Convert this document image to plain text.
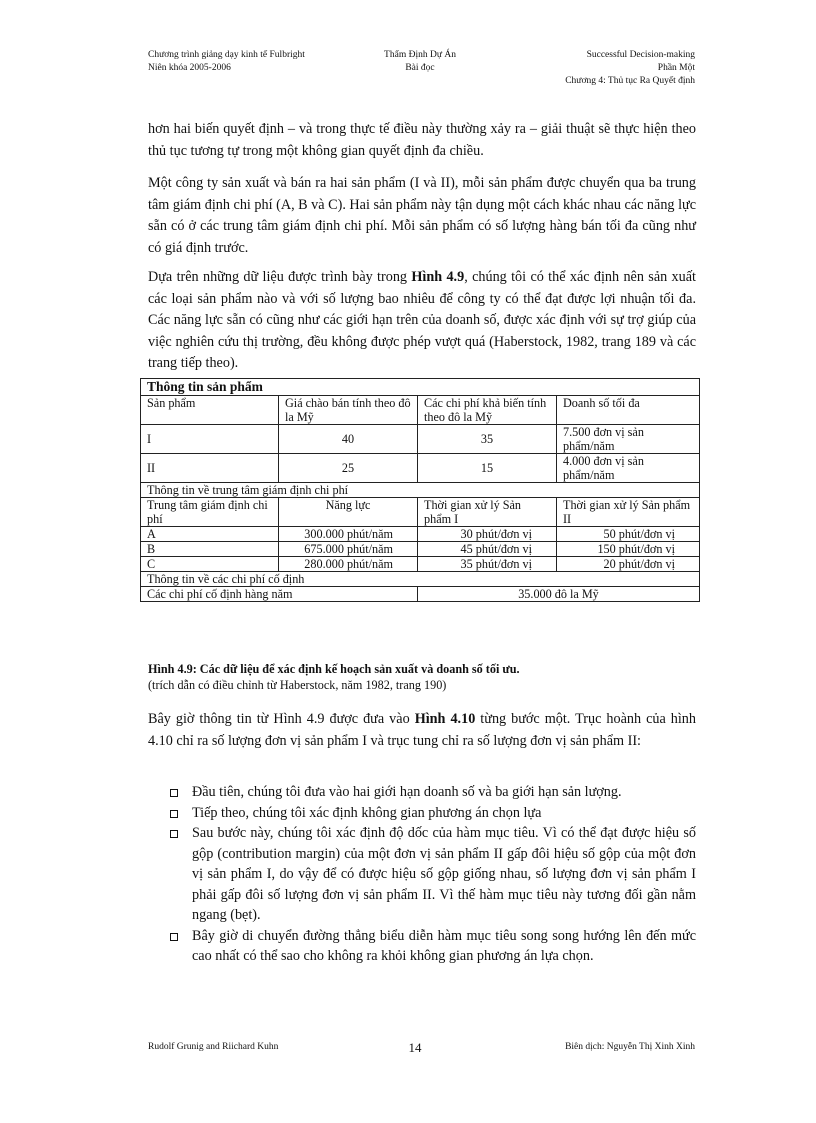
Chương trình giảng dạy kinh tế Fulbright
Niên khóa 2005-2006
Thẩm Định Dự Án
Bài đọc
Successful Decision-making
Phần Một
Chương 4: Thủ tục Ra Quyết định

hơn hai biến quyết định – và trong thực tế điều này thường xảy ra – giải thuật sẽ thực hiện theo thủ tục tương tự trong một không gian quyết định đa chiều.

Một công ty sản xuất và bán ra hai sản phẩm (I và II), mỗi sản phẩm được chuyển qua ba trung tâm giám định chi phí (A, B và C). Hai sản phẩm này tận dụng một cách khác nhau các năng lực sẵn có ở các trung tâm giám định chi phí. Mỗi sản phẩm có số lượng hàng bán tối đa cũng như có giá định trước.

Dựa trên những dữ liệu được trình bày trong Hình 4.9, chúng tôi có thể xác định nên sản xuất các loại sản phẩm nào và với số lượng bao nhiêu để công ty có thể đạt được lợi nhuận tối đa. Các năng lực sẵn có cũng như các giới hạn trên của doanh số, được xác định với sự trợ giúp của việc nghiên cứu thị trường, đều không được phép vượt quá (Haberstock, 1982, trang 189 và các trang tiếp theo).

Thông tin sản phẩm			
Sản phẩm	Giá chào bán tính theo đô la Mỹ	Các chi phí khả biến tính theo đô la Mỹ	Doanh số tối đa
I	40	35	7.500 đơn vị sản phẩm/năm
II	25	15	4.000 đơn vị sản phẩm/năm
Thông tin về trung tâm giám định chi phí			
Trung tâm giám định chi phí	Năng lực	Thời gian xử lý Sản phẩm I	Thời gian xử lý Sản phẩm II
A	300.000 phút/năm	30 phút/đơn vị	50 phút/đơn vị
B	675.000 phút/năm	45 phút/đơn vị	150 phút/đơn vị
C	280.000 phút/năm	35 phút/đơn vị	20 phút/đơn vị
Thông tin về các chi phí cố định			
Các chi phí cố định hàng năm		35.000 đô la Mỹ	
Hình 4.9: Các dữ liệu để xác định kế hoạch sản xuất và doanh số tối ưu.
(trích dẫn có điều chỉnh từ Haberstock, năm 1982, trang 190)

Bây giờ thông tin từ Hình 4.9 được đưa vào Hình 4.10 từng bước một. Trục hoành của hình 4.10 chỉ ra số lượng đơn vị sản phẩm I và trục tung chỉ ra số lượng đơn vị sản phẩm II:

Đầu tiên, chúng tôi đưa vào hai giới hạn doanh số và ba giới hạn sản lượng.
Tiếp theo, chúng tôi xác định không gian phương án chọn lựa
Sau bước này, chúng tôi xác định độ dốc của hàm mục tiêu. Vì có thể đạt được hiệu số gộp (contribution margin) của một đơn vị sản phẩm II gấp đôi hiệu số gộp của một đơn vị sản phẩm I, do vậy để có được hiệu số gộp giống nhau, số lượng đơn vị sản phẩm I phải gấp đôi số lượng đơn vị sản phẩm II. Vì thế hàm mục tiêu này tương đối gần nằm ngang (bẹt).
Bây giờ di chuyển đường thẳng biểu diễn hàm mục tiêu song song hướng lên đến mức cao nhất có thể sao cho không ra khỏi không gian phương án lựa chọn.
Rudolf Grunig and Riichard Kuhn	14	Biên dịch: Nguyễn Thị Xinh Xinh
